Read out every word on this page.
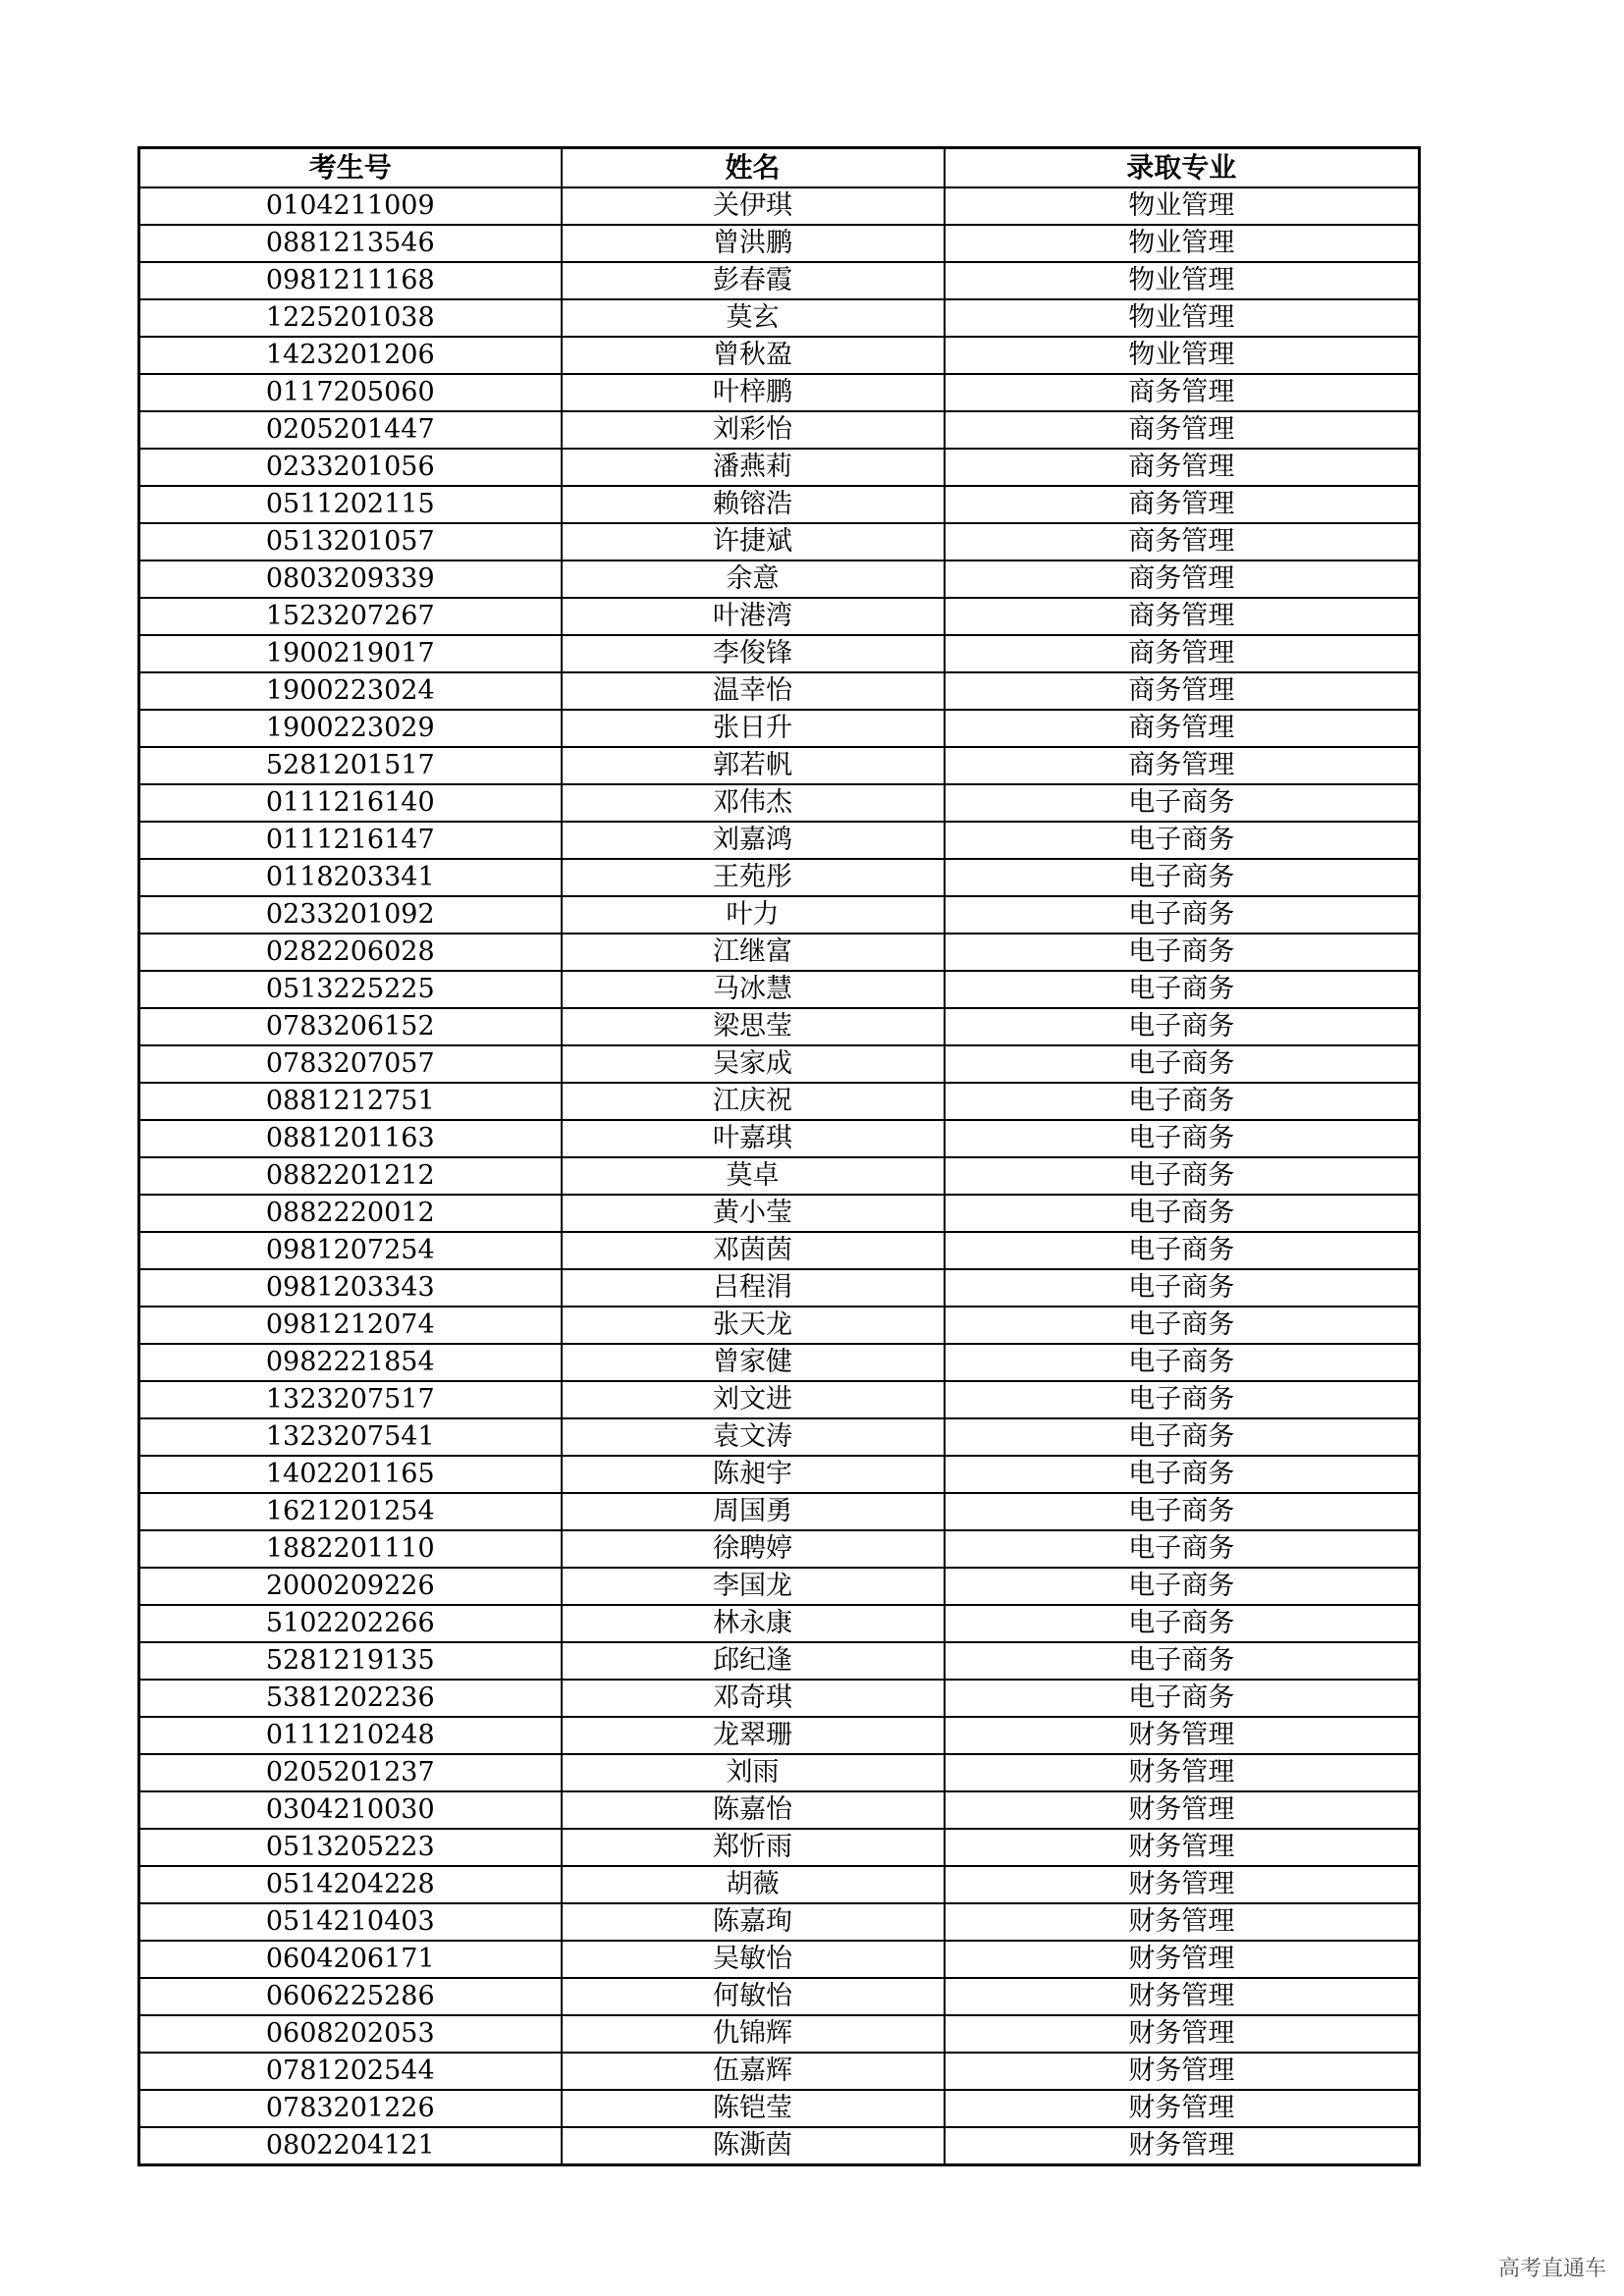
考生号	姓名	录取专业
0104211009	关伊琪	物业管理
0881213546	曾洪鹏	物业管理
0981211168	彭春霞	物业管理
1225201038	莫玄	物业管理
1423201206	曾秋盈	物业管理
0117205060	叶梓鹏	商务管理
0205201447	刘彩怡	商务管理
0233201056	潘燕莉	商务管理
0511202115	赖镕浩	商务管理
0513201057	许捷斌	商务管理
0803209339	余意	商务管理
1523207267	叶港湾	商务管理
1900219017	李俊锋	商务管理
1900223024	温幸怡	商务管理
1900223029	张日升	商务管理
5281201517	郭若帆	商务管理
0111216140	邓伟杰	电子商务
0111216147	刘嘉鸿	电子商务
0118203341	王苑彤	电子商务
0233201092	叶力	电子商务
0282206028	江继富	电子商务
0513225225	马冰慧	电子商务
0783206152	梁思莹	电子商务
0783207057	吴家成	电子商务
0881212751	江庆祝	电子商务
0881201163	叶嘉琪	电子商务
0882201212	莫卓	电子商务
0882220012	黄小莹	电子商务
0981207254	邓茵茵	电子商务
0981203343	吕程涓	电子商务
0981212074	张天龙	电子商务
0982221854	曾家健	电子商务
1323207517	刘文进	电子商务
1323207541	袁文涛	电子商务
1402201165	陈昶宇	电子商务
1621201254	周国勇	电子商务
1882201110	徐聘婷	电子商务
2000209226	李国龙	电子商务
5102202266	林永康	电子商务
5281219135	邱纪逢	电子商务
5381202236	邓奇琪	电子商务
0111210248	龙翠珊	财务管理
0205201237	刘雨	财务管理
0304210030	陈嘉怡	财务管理
0513205223	郑忻雨	财务管理
0514204228	胡薇	财务管理
0514210403	陈嘉珣	财务管理
0604206171	吴敏怡	财务管理
0606225286	何敏怡	财务管理
0608202053	仇锦辉	财务管理
0781202544	伍嘉辉	财务管理
0783201226	陈铠莹	财务管理
0802204121	陈澌茵	财务管理
高考直通车
